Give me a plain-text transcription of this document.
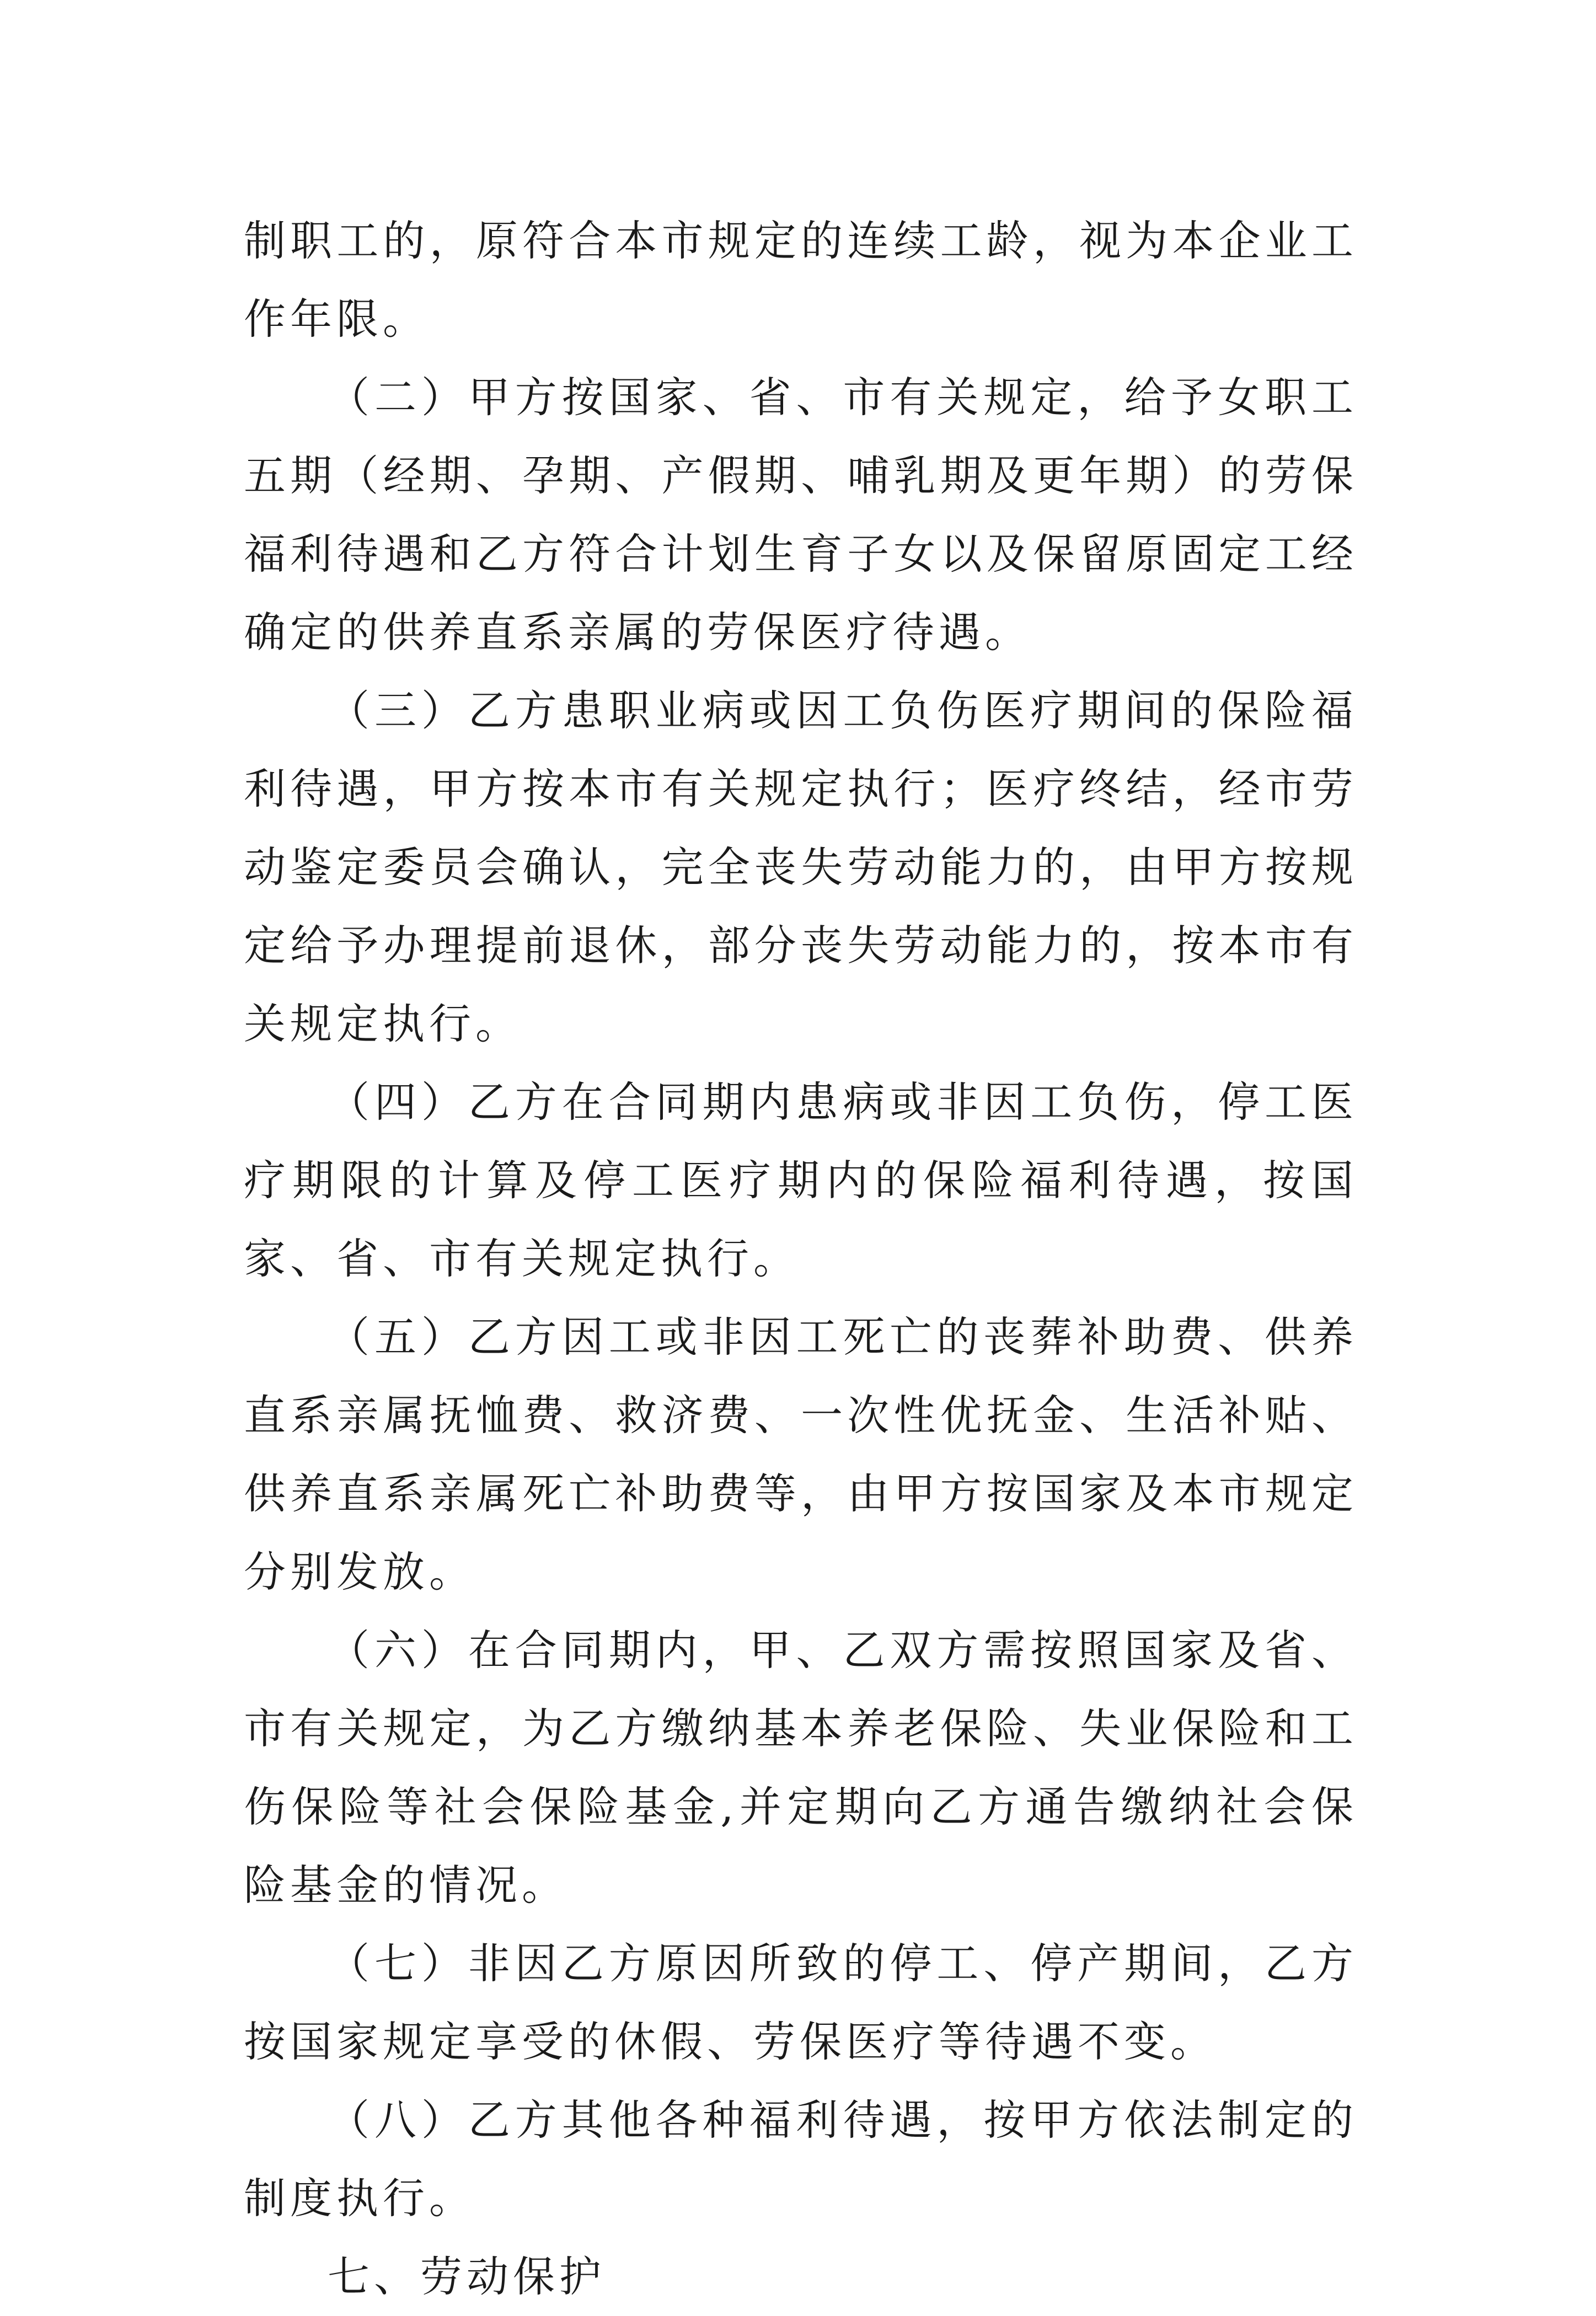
制职工的，原符合本市规定的连续工龄，视为本企业工作年限。

（二）甲方按国家、省、市有关规定，给予女职工五期（经期、孕期、产假期、哺乳期及更年期）的劳保福利待遇和乙方符合计划生育子女以及保留原固定工经确定的供养直系亲属的劳保医疗待遇。

（三）乙方患职业病或因工负伤医疗期间的保险福利待遇，甲方按本市有关规定执行；医疗终结，经市劳动鉴定委员会确认，完全丧失劳动能力的，由甲方按规定给予办理提前退休，部分丧失劳动能力的，按本市有关规定执行。

（四）乙方在合同期内患病或非因工负伤，停工医疗期限的计算及停工医疗期内的保险福利待遇，按国家、省、市有关规定执行。

（五）乙方因工或非因工死亡的丧葬补助费、供养直系亲属抚恤费、救济费、一次性优抚金、生活补贴、供养直系亲属死亡补助费等，由甲方按国家及本市规定分别发放。

（六）在合同期内，甲、乙双方需按照国家及省、市有关规定，为乙方缴纳基本养老保险、失业保险和工伤保险等社会保险基金,并定期向乙方通告缴纳社会保险基金的情况。

（七）非因乙方原因所致的停工、停产期间，乙方按国家规定享受的休假、劳保医疗等待遇不变。

（八）乙方其他各种福利待遇，按甲方依法制定的制度执行。

七、劳动保护
